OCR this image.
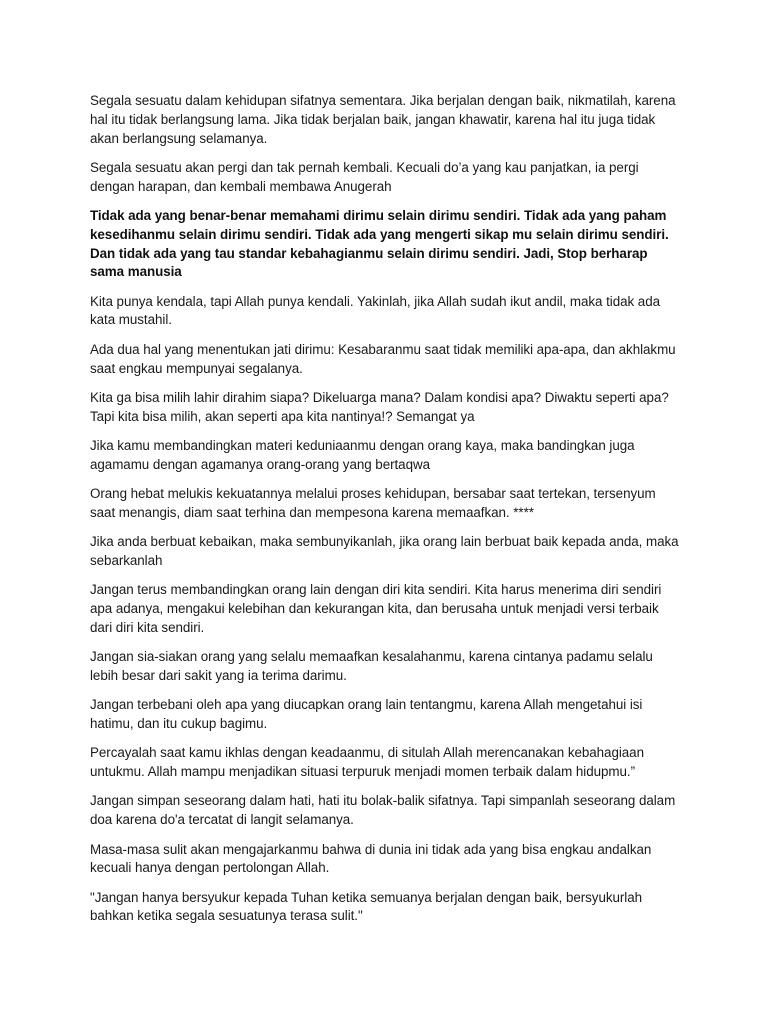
Segala sesuatu dalam kehidupan sifatnya sementara. Jika berjalan dengan baik, nikmatilah, karena hal itu tidak berlangsung lama. Jika tidak berjalan baik, jangan khawatir, karena hal itu juga tidak akan berlangsung selamanya.

Segala sesuatu akan pergi dan tak pernah kembali. Kecuali do’a yang kau panjatkan, ia pergi dengan harapan, dan kembali membawa Anugerah

Tidak ada yang benar-benar memahami dirimu selain dirimu sendiri. Tidak ada yang paham kesedihanmu selain dirimu sendiri. Tidak ada yang mengerti sikap mu selain dirimu sendiri. Dan tidak ada yang tau standar kebahagianmu selain dirimu sendiri. Jadi, Stop berharap sama manusia

Kita punya kendala, tapi Allah punya kendali. Yakinlah, jika Allah sudah ikut andil, maka tidak ada kata mustahil.

Ada dua hal yang menentukan jati dirimu: Kesabaranmu saat tidak memiliki apa-apa, dan akhlakmu saat engkau mempunyai segalanya.

Kita ga bisa milih lahir dirahim siapa? Dikeluarga mana? Dalam kondisi apa? Diwaktu seperti apa? Tapi kita bisa milih, akan seperti apa kita nantinya!? Semangat ya

Jika kamu membandingkan materi keduniaanmu dengan orang kaya, maka bandingkan juga agamamu dengan agamanya orang-orang yang bertaqwa

Orang hebat melukis kekuatannya melalui proses kehidupan, bersabar saat tertekan, tersenyum saat menangis, diam saat terhina dan mempesona karena memaafkan. ****

Jika anda berbuat kebaikan, maka sembunyikanlah, jika orang lain berbuat baik kepada anda, maka sebarkanlah

Jangan terus membandingkan orang lain dengan diri kita sendiri. Kita harus menerima diri sendiri apa adanya, mengakui kelebihan dan kekurangan kita, dan berusaha untuk menjadi versi terbaik dari diri kita sendiri.

Jangan sia-siakan orang yang selalu memaafkan kesalahanmu, karena cintanya padamu selalu lebih besar dari sakit yang ia terima darimu.

Jangan terbebani oleh apa yang diucapkan orang lain tentangmu, karena Allah mengetahui isi hatimu, dan itu cukup bagimu.

Percayalah saat kamu ikhlas dengan keadaanmu, di situlah Allah merencanakan kebahagiaan untukmu. Allah mampu menjadikan situasi terpuruk menjadi momen terbaik dalam hidupmu.”

Jangan simpan seseorang dalam hati, hati itu bolak-balik sifatnya. Tapi simpanlah seseorang dalam doa karena do'a tercatat di langit selamanya.

Masa-masa sulit akan mengajarkanmu bahwa di dunia ini tidak ada yang bisa engkau andalkan kecuali hanya dengan pertolongan Allah.

"Jangan hanya bersyukur kepada Tuhan ketika semuanya berjalan dengan baik, bersyukurlah bahkan ketika segala sesuatunya terasa sulit."
